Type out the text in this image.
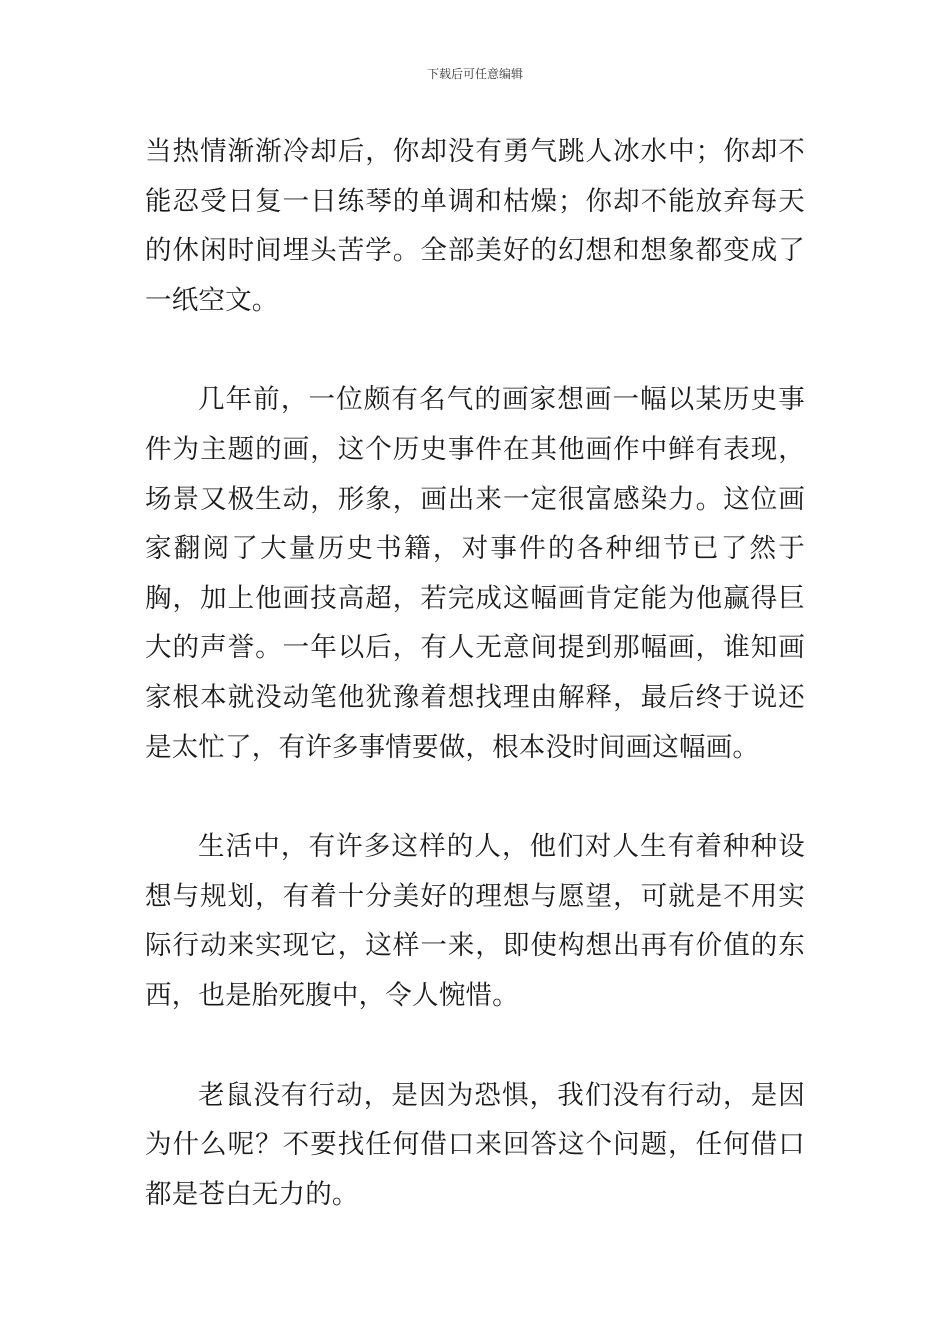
下载后可任意编辑

当热情渐渐冷却后，你却没有勇气跳人冰水中；你却不能忍受日复一日练琴的单调和枯燥；你却不能放弃每天的休闲时间埋头苦学。全部美好的幻想和想象都变成了一纸空文。

几年前，一位颇有名气的画家想画一幅以某历史事件为主题的画，这个历史事件在其他画作中鲜有表现，场景又极生动，形象，画出来一定很富感染力。这位画家翻阅了大量历史书籍，对事件的各种细节已了然于胸，加上他画技高超，若完成这幅画肯定能为他赢得巨大的声誉。一年以后，有人无意间提到那幅画，谁知画家根本就没动笔他犹豫着想找理由解释，最后终于说还是太忙了，有许多事情要做，根本没时间画这幅画。

生活中，有许多这样的人，他们对人生有着种种设想与规划，有着十分美好的理想与愿望，可就是不用实际行动来实现它，这样一来，即使构想出再有价值的东西，也是胎死腹中，令人惋惜。

老鼠没有行动，是因为恐惧，我们没有行动，是因为什么呢？不要找任何借口来回答这个问题，任何借口都是苍白无力的。
